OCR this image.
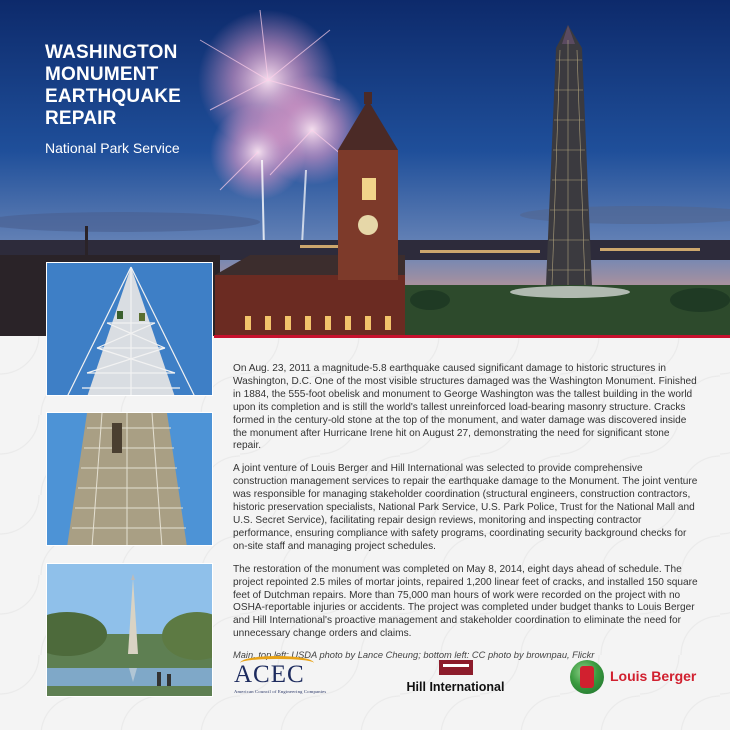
WASHINGTON
MONUMENT
EARTHQUAKE
REPAIR
National Park Service

On Aug. 23, 2011 a magnitude-5.8 earthquake caused significant damage to historic structures in Washington, D.C. One of the most visible structures damaged was the Washington Monument. Finished in 1884, the 555-foot obelisk and monument to George Washington was the tallest building in the world upon its completion and is still the world's tallest unreinforced load-bearing masonry structure. Cracks formed in the century-old stone at the top of the monument, and water damage was discovered inside the monument after Hurricane Irene hit on August 27, demonstrating the need for significant stone repair.

A joint venture of Louis Berger and Hill International was selected to provide comprehensive construction management services to repair the earthquake damage to the Monument. The joint venture was responsible for managing stakeholder coordination (structural engineers, construction contractors, historic preservation specialists, National Park Service, U.S. Park Police, Trust for the National Mall and U.S. Secret Service), facilitating repair design reviews, monitoring and inspecting contractor performance, ensuring compliance with safety programs, coordinating security background checks for on-site staff and managing project schedules.

The restoration of the monument was completed on May 8, 2014, eight days ahead of schedule. The project repointed 2.5 miles of mortar joints, repaired 1,200 linear feet of cracks, and installed 150 square feet of Dutchman repairs. More than 75,000 man hours of work were recorded on the project with no OSHA-reportable injuries or accidents. The project was completed under budget thanks to Louis Berger and Hill International's proactive management and stakeholder coordination to eliminate the need for unnecessary change orders and claims.

Main, top left: USDA photo by Lance Cheung; bottom left: CC photo by brownpau, Flickr

ACEC
American Council of Engineering Companies	Hill International
Louis Berger
